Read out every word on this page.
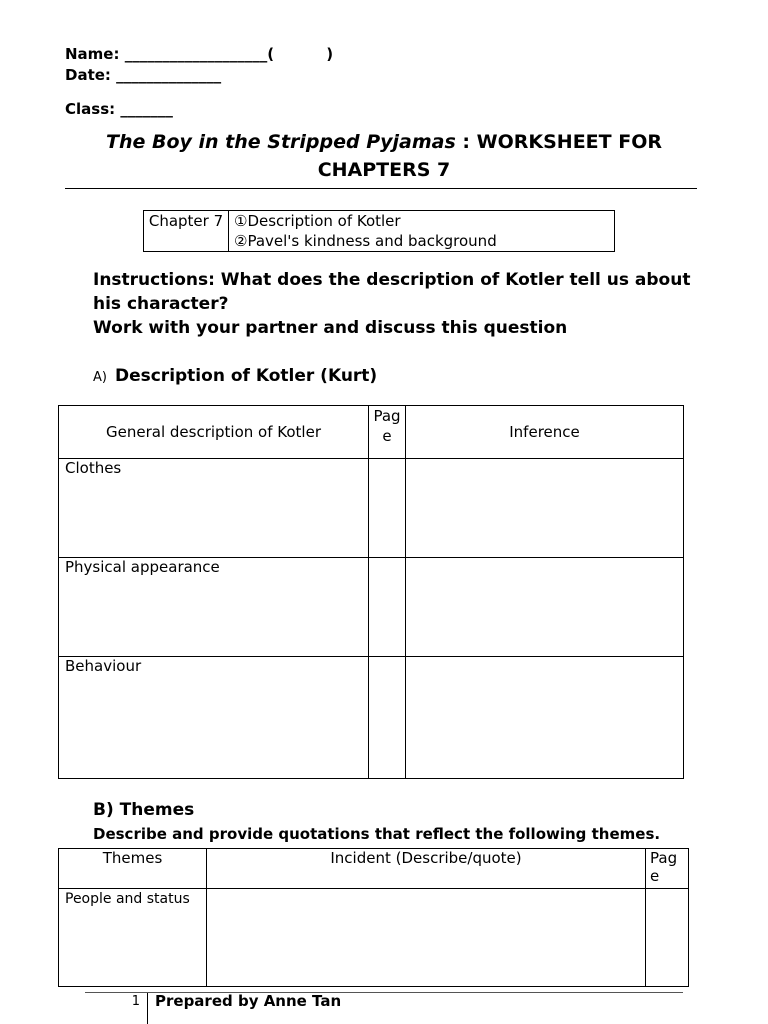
Name: ___________________(          )
Date: ______________
Class: _______
The Boy in the Stripped Pyjamas : WORKSHEET FOR
CHAPTERS 7
Chapter 7	①Description of Kotler
②Pavel's kindness and background
Instructions: What does the description of Kotler tell us about his character?
Work with your partner and discuss this question
A) Description of Kotler (Kurt)
General description of Kotler	Page	Inference
Clothes		
Physical appearance		
Behaviour		
B) Themes
Describe and provide quotations that reflect the following themes.
Themes	Incident (Describe/quote)	Page
People and status		
1 Prepared by Anne Tan
